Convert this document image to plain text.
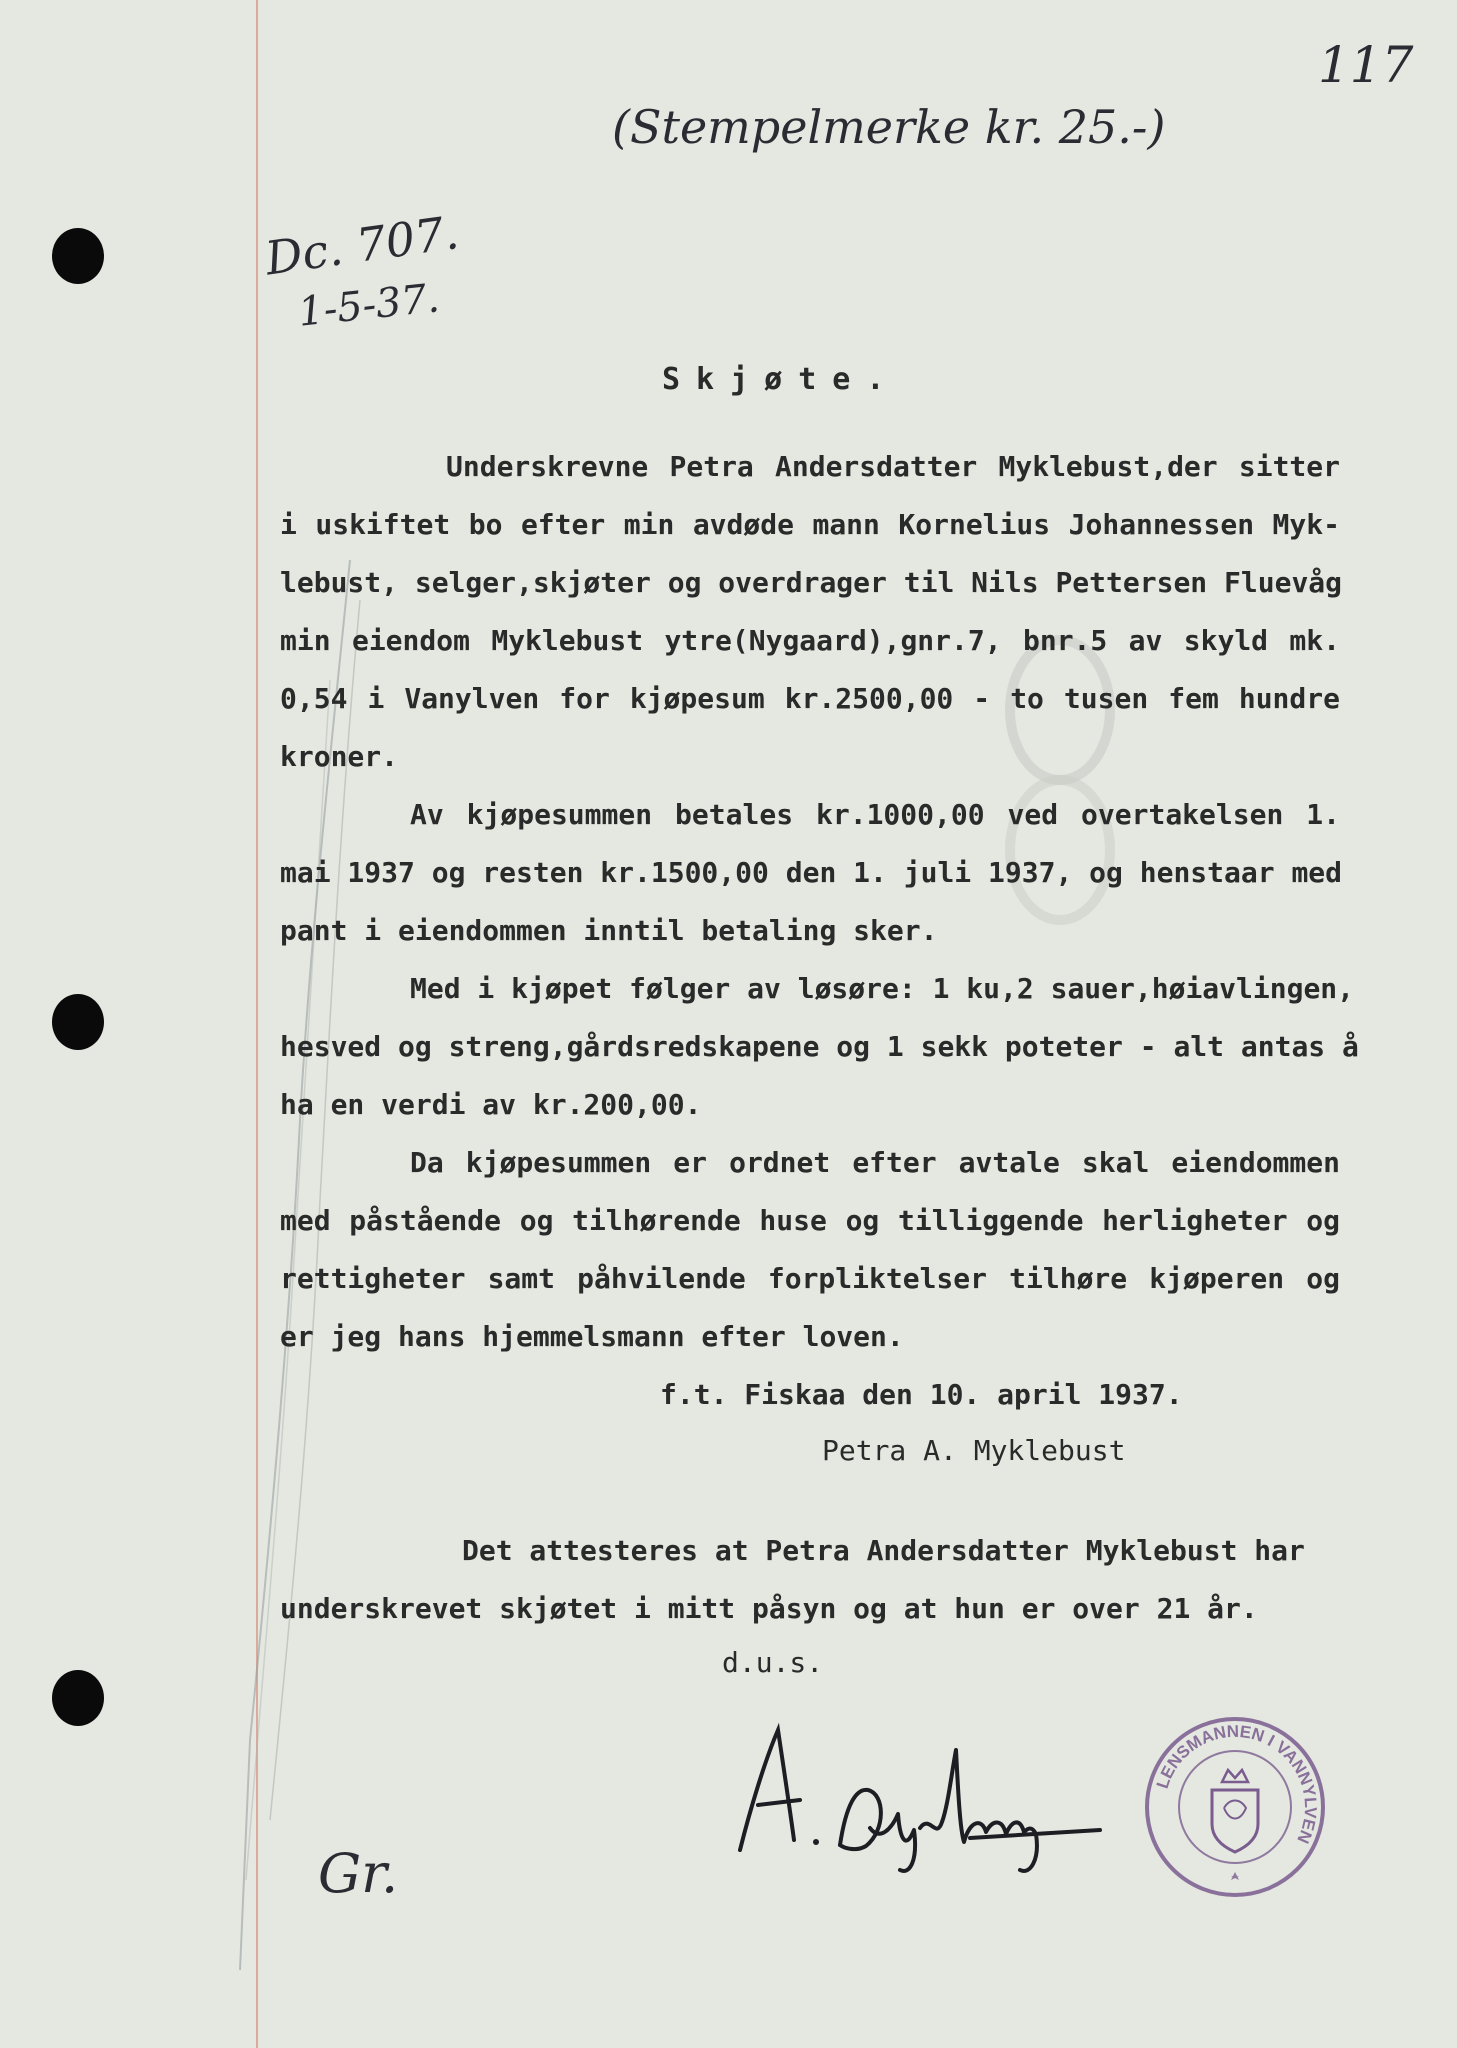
117
(Stempelmerke kr. 25.-)
Dc. 707.
1-5-37.
Skjøte.
Underskrevne Petra Andersdatter Myklebust,der sitter
i uskiftet bo efter min avdøde mann Kornelius Johannessen Myk-
lebust, selger,skjøter og overdrager til Nils Pettersen Fluevåg
min eiendom Myklebust ytre(Nygaard),gnr.7, bnr.5 av skyld mk.
0,54 i Vanylven for kjøpesum kr.2500,00 - to tusen fem hundre
kroner.
Av kjøpesummen betales kr.1000,00 ved overtakelsen 1.
mai 1937 og resten kr.1500,00 den 1. juli 1937, og henstaar med
pant i eiendommen inntil betaling sker.
Med i kjøpet følger av løsøre: 1 ku,2 sauer,høiavlingen,
hesved og streng,gårdsredskapene og 1 sekk poteter - alt antas å
ha en verdi av kr.200,00.
Da kjøpesummen er ordnet efter avtale skal eiendommen
med påstående og tilhørende huse og tilliggende herligheter og
rettigheter samt påhvilende forpliktelser tilhøre kjøperen og
er jeg hans hjemmelsmann efter loven.
f.t. Fiskaa den 10. april 1937.
Petra A. Myklebust
Det attesteres at Petra Andersdatter Myklebust har
underskrevet skjøtet i mitt påsyn og at hun er over 21 år.
d.u.s.
LENSMANNEN I VANNYLVEN
Gr.
